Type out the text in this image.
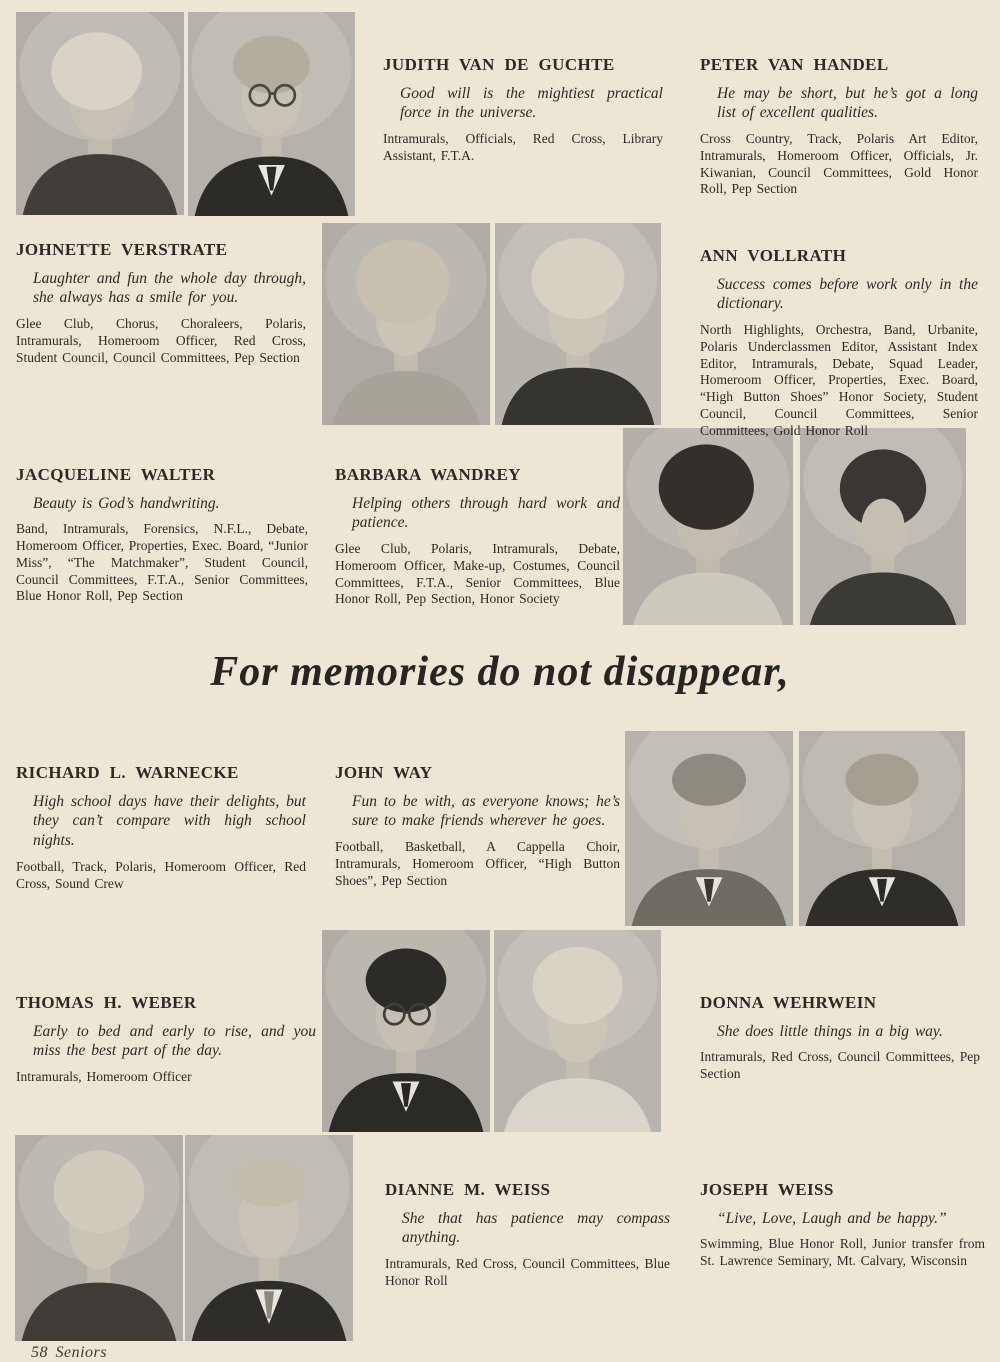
JUDITH VAN DE GUCHTE

Good will is the mightiest practical force in the universe.

Intramurals, Officials, Red Cross, Library Assistant, F.T.A.

PETER VAN HANDEL

He may be short, but he’s got a long list of excellent qualities.

Cross Country, Track, Polaris Art Editor, Intramurals, Homeroom Officer, Officials, Jr. Kiwanian, Council Committees, Gold Honor Roll, Pep Section

JOHNETTE VERSTRATE

Laughter and fun the whole day through, she always has a smile for you.

Glee Club, Chorus, Choraleers, Polaris, Intramurals, Homeroom Officer, Red Cross, Student Council, Council Committees, Pep Section

ANN VOLLRATH

Success comes before work only in the dictionary.

North Highlights, Orchestra, Band, Urbanite, Polaris Underclassmen Editor, Assistant Index Editor, Intramurals, Debate, Squad Leader, Homeroom Officer, Properties, Exec. Board, “High Button Shoes” Honor Society, Student Council, Council Committees, Senior Committees, Gold Honor Roll

JACQUELINE WALTER

Beauty is God’s handwriting.

Band, Intramurals, Forensics, N.F.L., Debate, Homeroom Officer, Properties, Exec. Board, “Junior Miss”, “The Matchmaker”, Student Council, Council Committees, F.T.A., Senior Committees, Blue Honor Roll, Pep Section

BARBARA WANDREY

Helping others through hard work and patience.

Glee Club, Polaris, Intramurals, Debate, Homeroom Officer, Make-up, Costumes, Council Committees, F.T.A., Senior Committees, Blue Honor Roll, Pep Section, Honor Society

For memories do not disappear,
RICHARD L. WARNECKE

High school days have their delights, but they can’t compare with high school nights.

Football, Track, Polaris, Homeroom Officer, Red Cross, Sound Crew

JOHN WAY

Fun to be with, as everyone knows; he’s sure to make friends wherever he goes.

Football, Basketball, A Cappella Choir, Intramurals, Homeroom Officer, “High Button Shoes”, Pep Section

THOMAS H. WEBER

Early to bed and early to rise, and you miss the best part of the day.

Intramurals, Homeroom Officer

DONNA WEHRWEIN

She does little things in a big way.

Intramurals, Red Cross, Council Committees, Pep Section

DIANNE M. WEISS

She that has patience may compass anything.

Intramurals, Red Cross, Council Committees, Blue Honor Roll

JOSEPH WEISS

“Live, Love, Laugh and be happy.”

Swimming, Blue Honor Roll, Junior transfer from St. Lawrence Seminary, Mt. Calvary, Wisconsin

58 Seniors
